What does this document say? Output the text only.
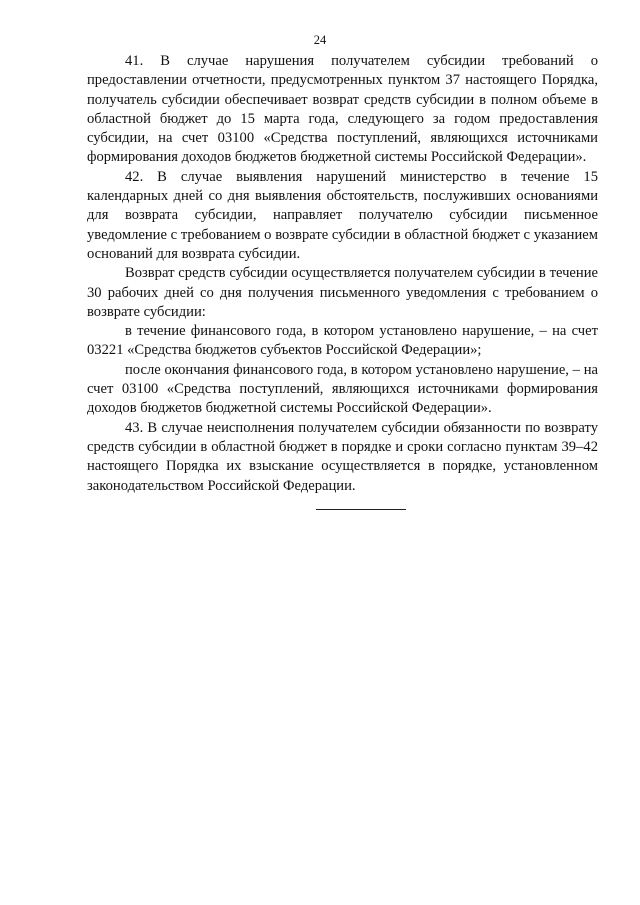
24

41. В случае нарушения получателем субсидии требований о предоставлении отчетности, предусмотренных пунктом 37 настоящего Порядка, получатель субсидии обеспечивает возврат средств субсидии в полном объеме в областной бюджет до 15 марта года, следующего за годом предоставления субсидии, на счет 03100 «Средства поступлений, являющихся источниками формирования доходов бюджетов бюджетной системы Российской Федерации».

42. В случае выявления нарушений министерство в течение 15 календарных дней со дня выявления обстоятельств, послуживших основаниями для возврата субсидии, направляет получателю субсидии письменное уведомление с требованием о возврате субсидии в областной бюджет с указанием оснований для возврата субсидии.

Возврат средств субсидии осуществляется получателем субсидии в течение 30 рабочих дней со дня получения письменного уведомления с требованием о возврате субсидии:

в течение финансового года, в котором установлено нарушение, – на счет 03221 «Средства бюджетов субъектов Российской Федерации»;

после окончания финансового года, в котором установлено нарушение, – на счет 03100 «Средства поступлений, являющихся источниками формирования доходов бюджетов бюджетной системы Российской Федерации».

43. В случае неисполнения получателем субсидии обязанности по возврату средств субсидии в областной бюджет в порядке и сроки согласно пунктам 39–42 настоящего Порядка их взыскание осуществляется в порядке, установленном законодательством Российской Федерации.
